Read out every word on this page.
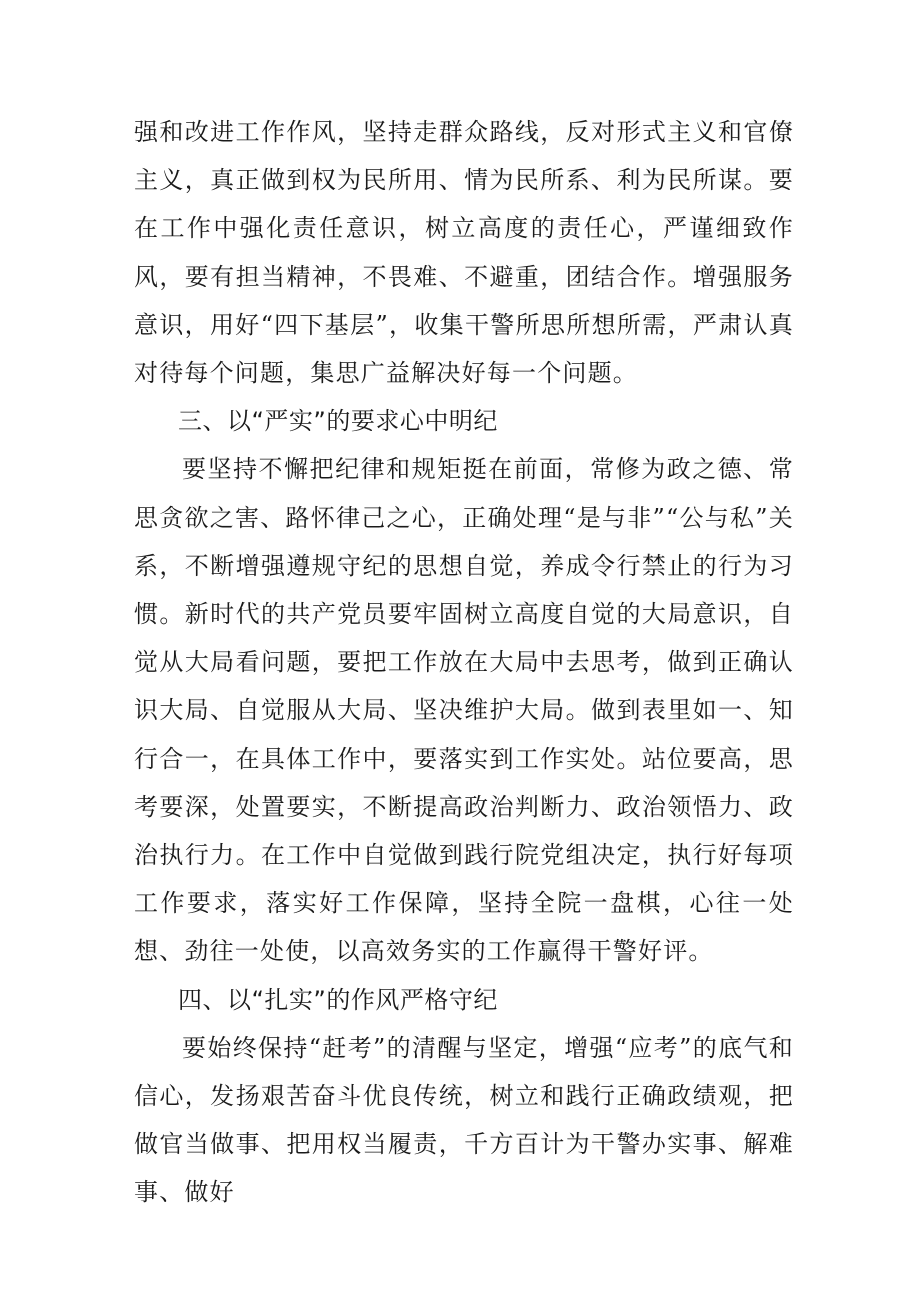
强和改进工作作风，坚持走群众路线，反对形式主义和官僚主义，真正做到权为民所用、情为民所系、利为民所谋。要在工作中强化责任意识，树立高度的责任心，严谨细致作风，要有担当精神，不畏难、不避重，团结合作。增强服务意识，用好“四下基层”，收集干警所思所想所需，严肃认真对待每个问题，集思广益解决好每一个问题。

三、以“严实”的要求心中明纪

要坚持不懈把纪律和规矩挺在前面，常修为政之德、常思贪欲之害、路怀律己之心，正确处理“是与非”“公与私”关系，不断增强遵规守纪的思想自觉，养成令行禁止的行为习惯。新时代的共产党员要牢固树立高度自觉的大局意识，自觉从大局看问题，要把工作放在大局中去思考，做到正确认识大局、自觉服从大局、坚决维护大局。做到表里如一、知行合一，在具体工作中，要落实到工作实处。站位要高，思考要深，处置要实，不断提高政治判断力、政治领悟力、政治执行力。在工作中自觉做到践行院党组决定，执行好每项工作要求，落实好工作保障，坚持全院一盘棋，心往一处想、劲往一处使，以高效务实的工作赢得干警好评。

四、以“扎实”的作风严格守纪

要始终保持“赶考”的清醒与坚定，增强“应考”的底气和信心，发扬艰苦奋斗优良传统，树立和践行正确政绩观，把做官当做事、把用权当履责，千方百计为干警办实事、解难事、做好
